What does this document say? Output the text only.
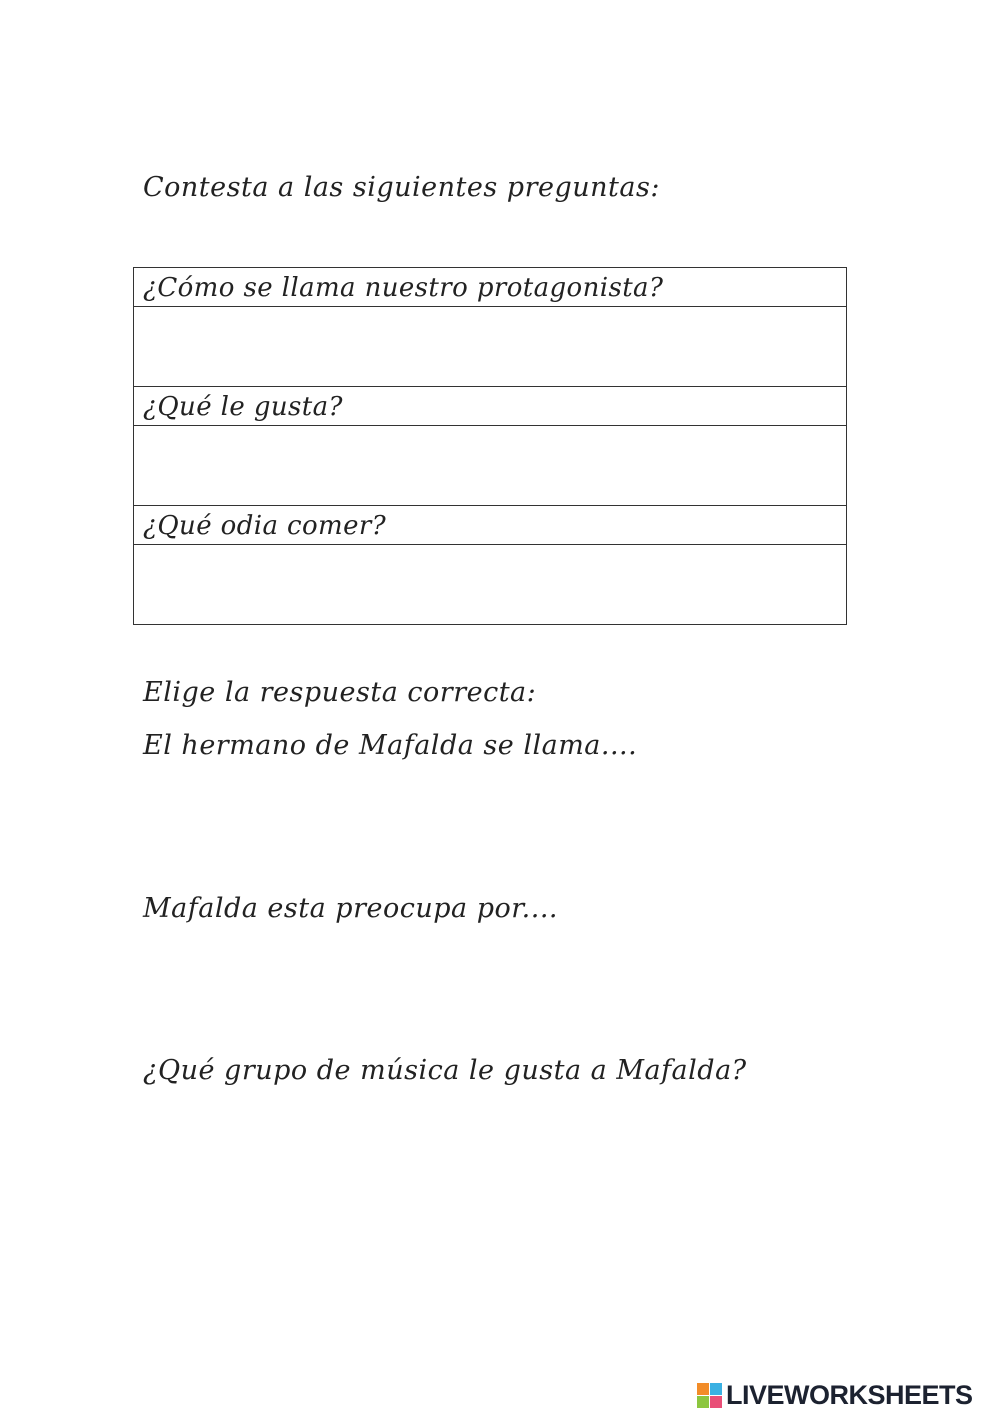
Contesta a las siguientes preguntas:
¿Cómo se llama nuestro protagonista?

¿Qué le gusta?

¿Qué odia comer?

Elige la respuesta correcta:
El hermano de Mafalda se llama....
Mafalda esta preocupa por....
¿Qué grupo de música le gusta a Mafalda?
LIVEWORKSHEETS
